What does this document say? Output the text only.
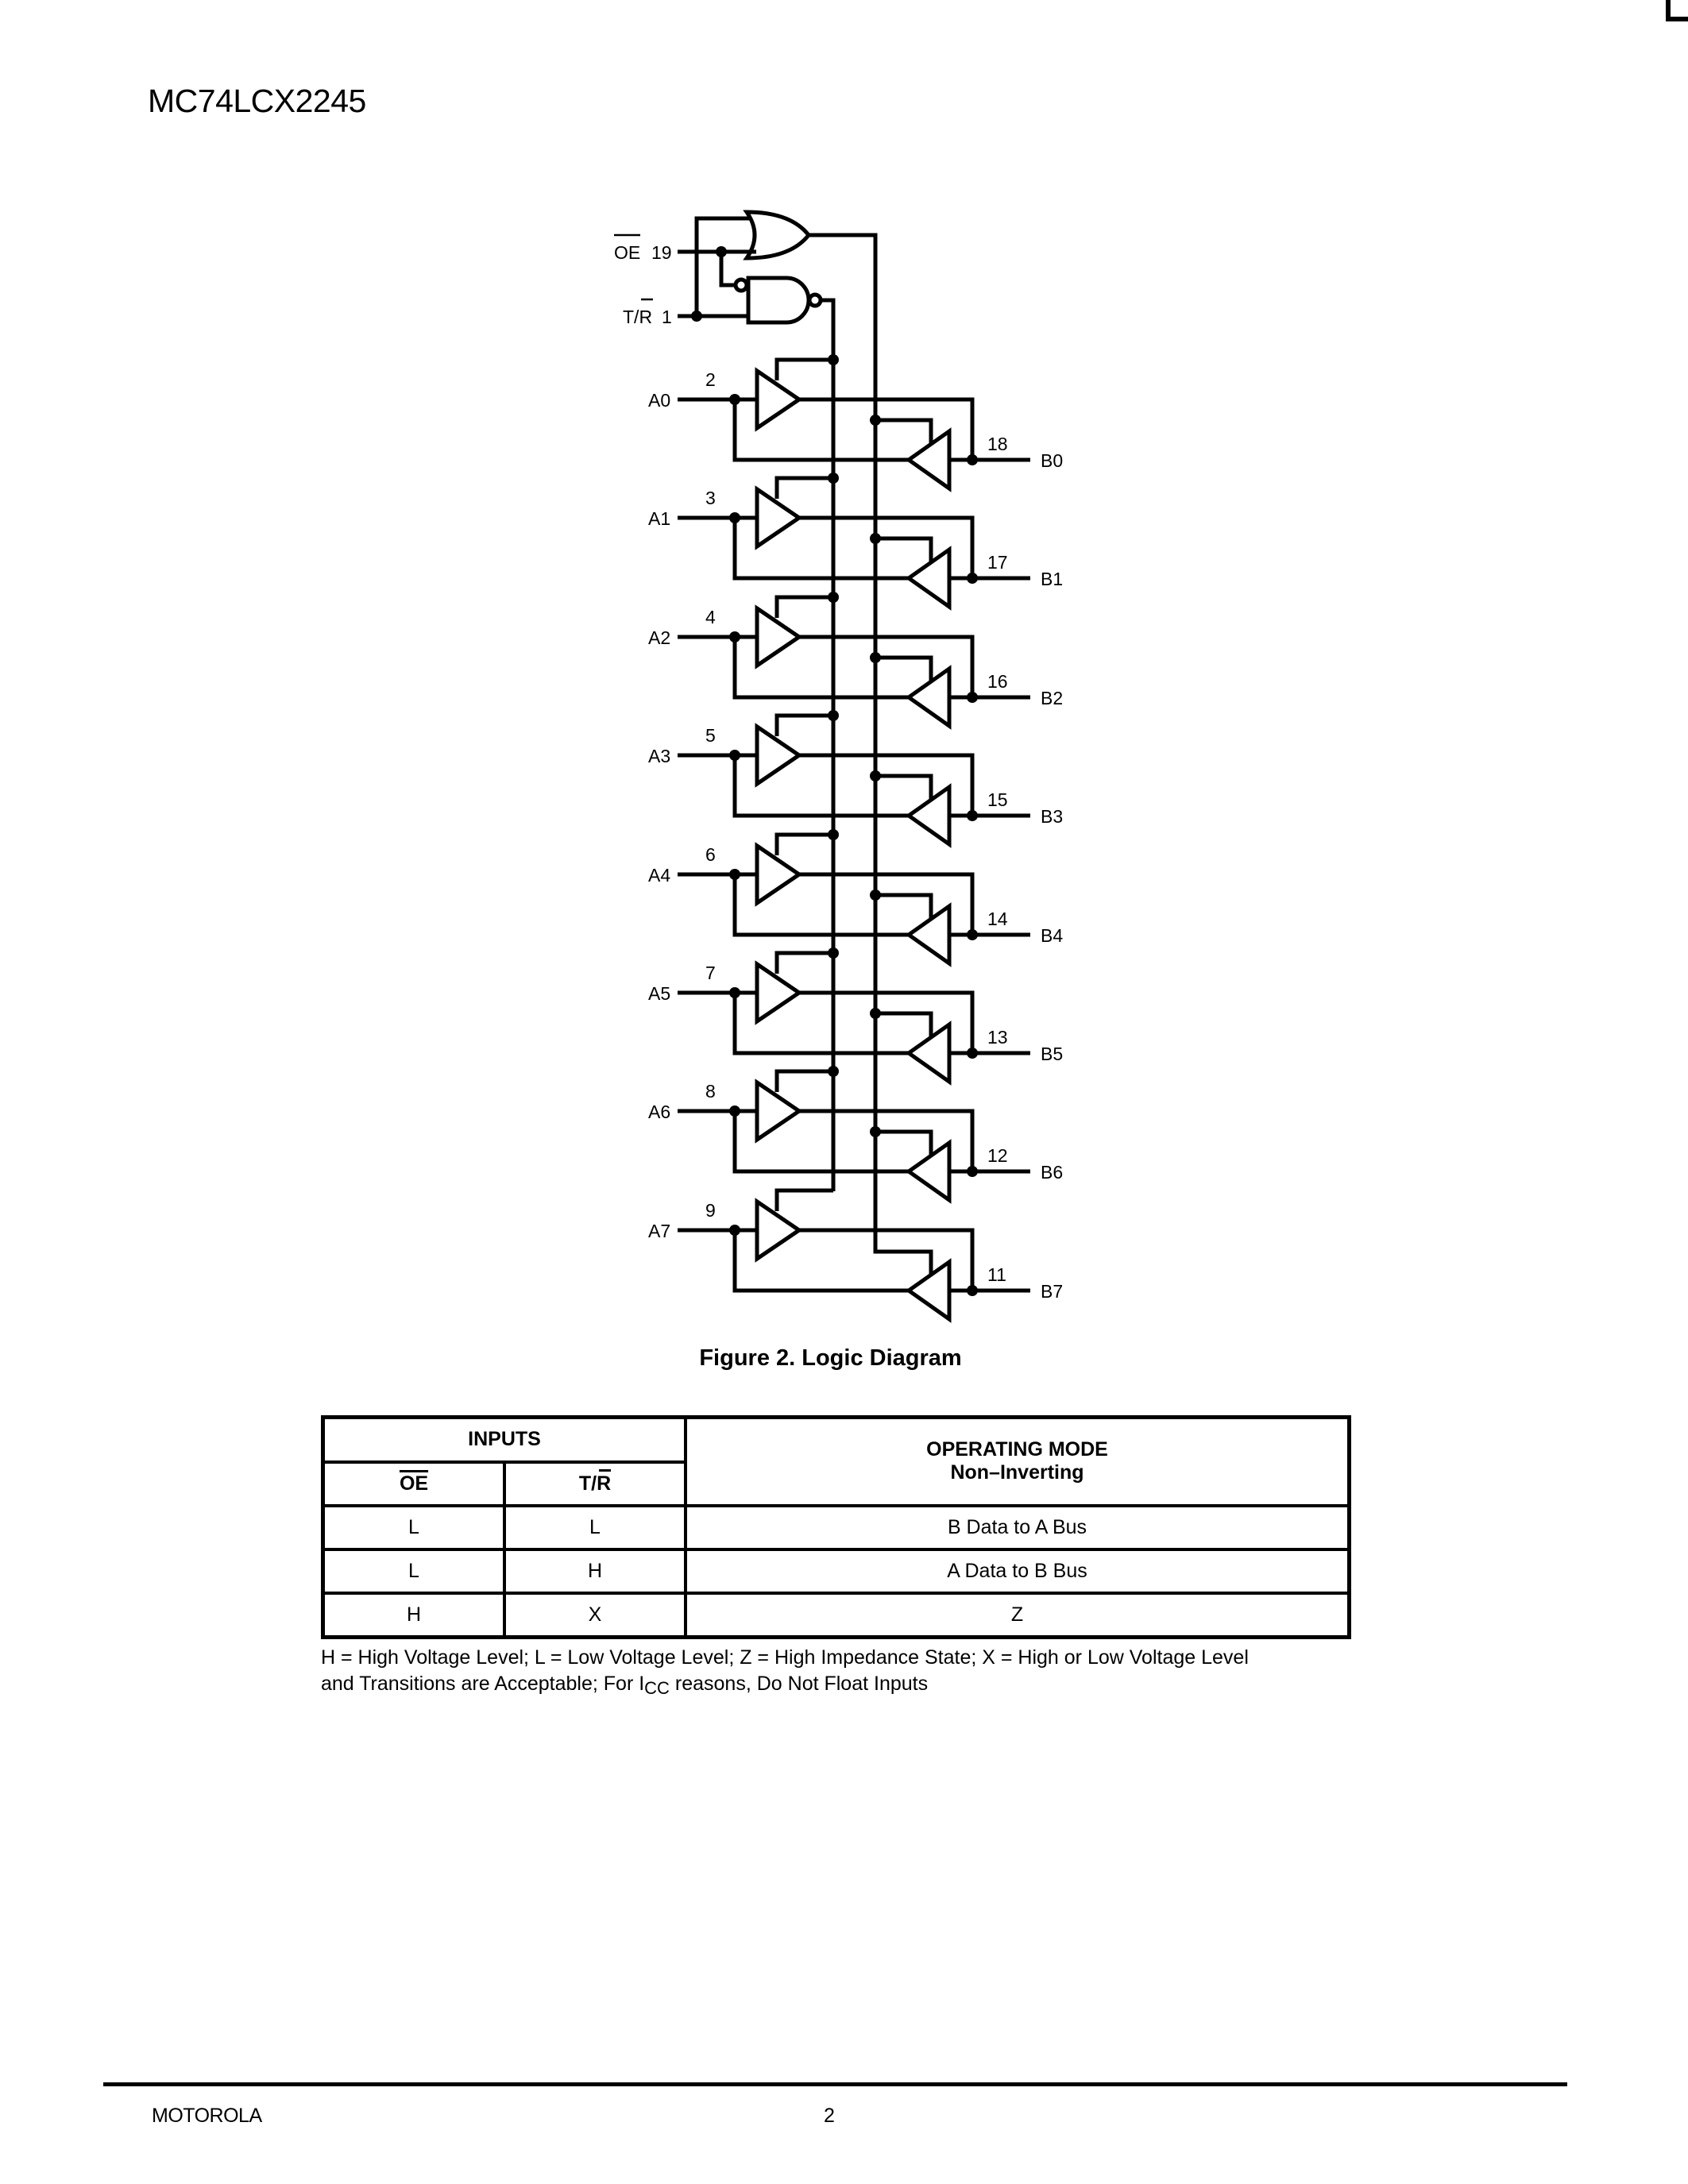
MC74LCX2245
OE 19
T/R 1
A0
2
18
B0
A1
3
17
B1
A2
4
16
B2
A3
5
15
B3
A4
6
14
B4
A5
7
13
B5
A6
8
12
B6
A7
9
11
B7
Figure 2. Logic Diagram
INPUTS		OPERATING MODE
Non–Inverting

$\overline{OE}$	T/R	
L	L	B Data to A Bus
L	H	A Data to B Bus
H	X	Z
H = High Voltage Level; L = Low Voltage Level; Z = High Impedance State; X = High or Low Voltage Level
and Transitions are Acceptable; For $I_{CC}$ reasons, Do Not Float Inputs
MOTOROLA	2
